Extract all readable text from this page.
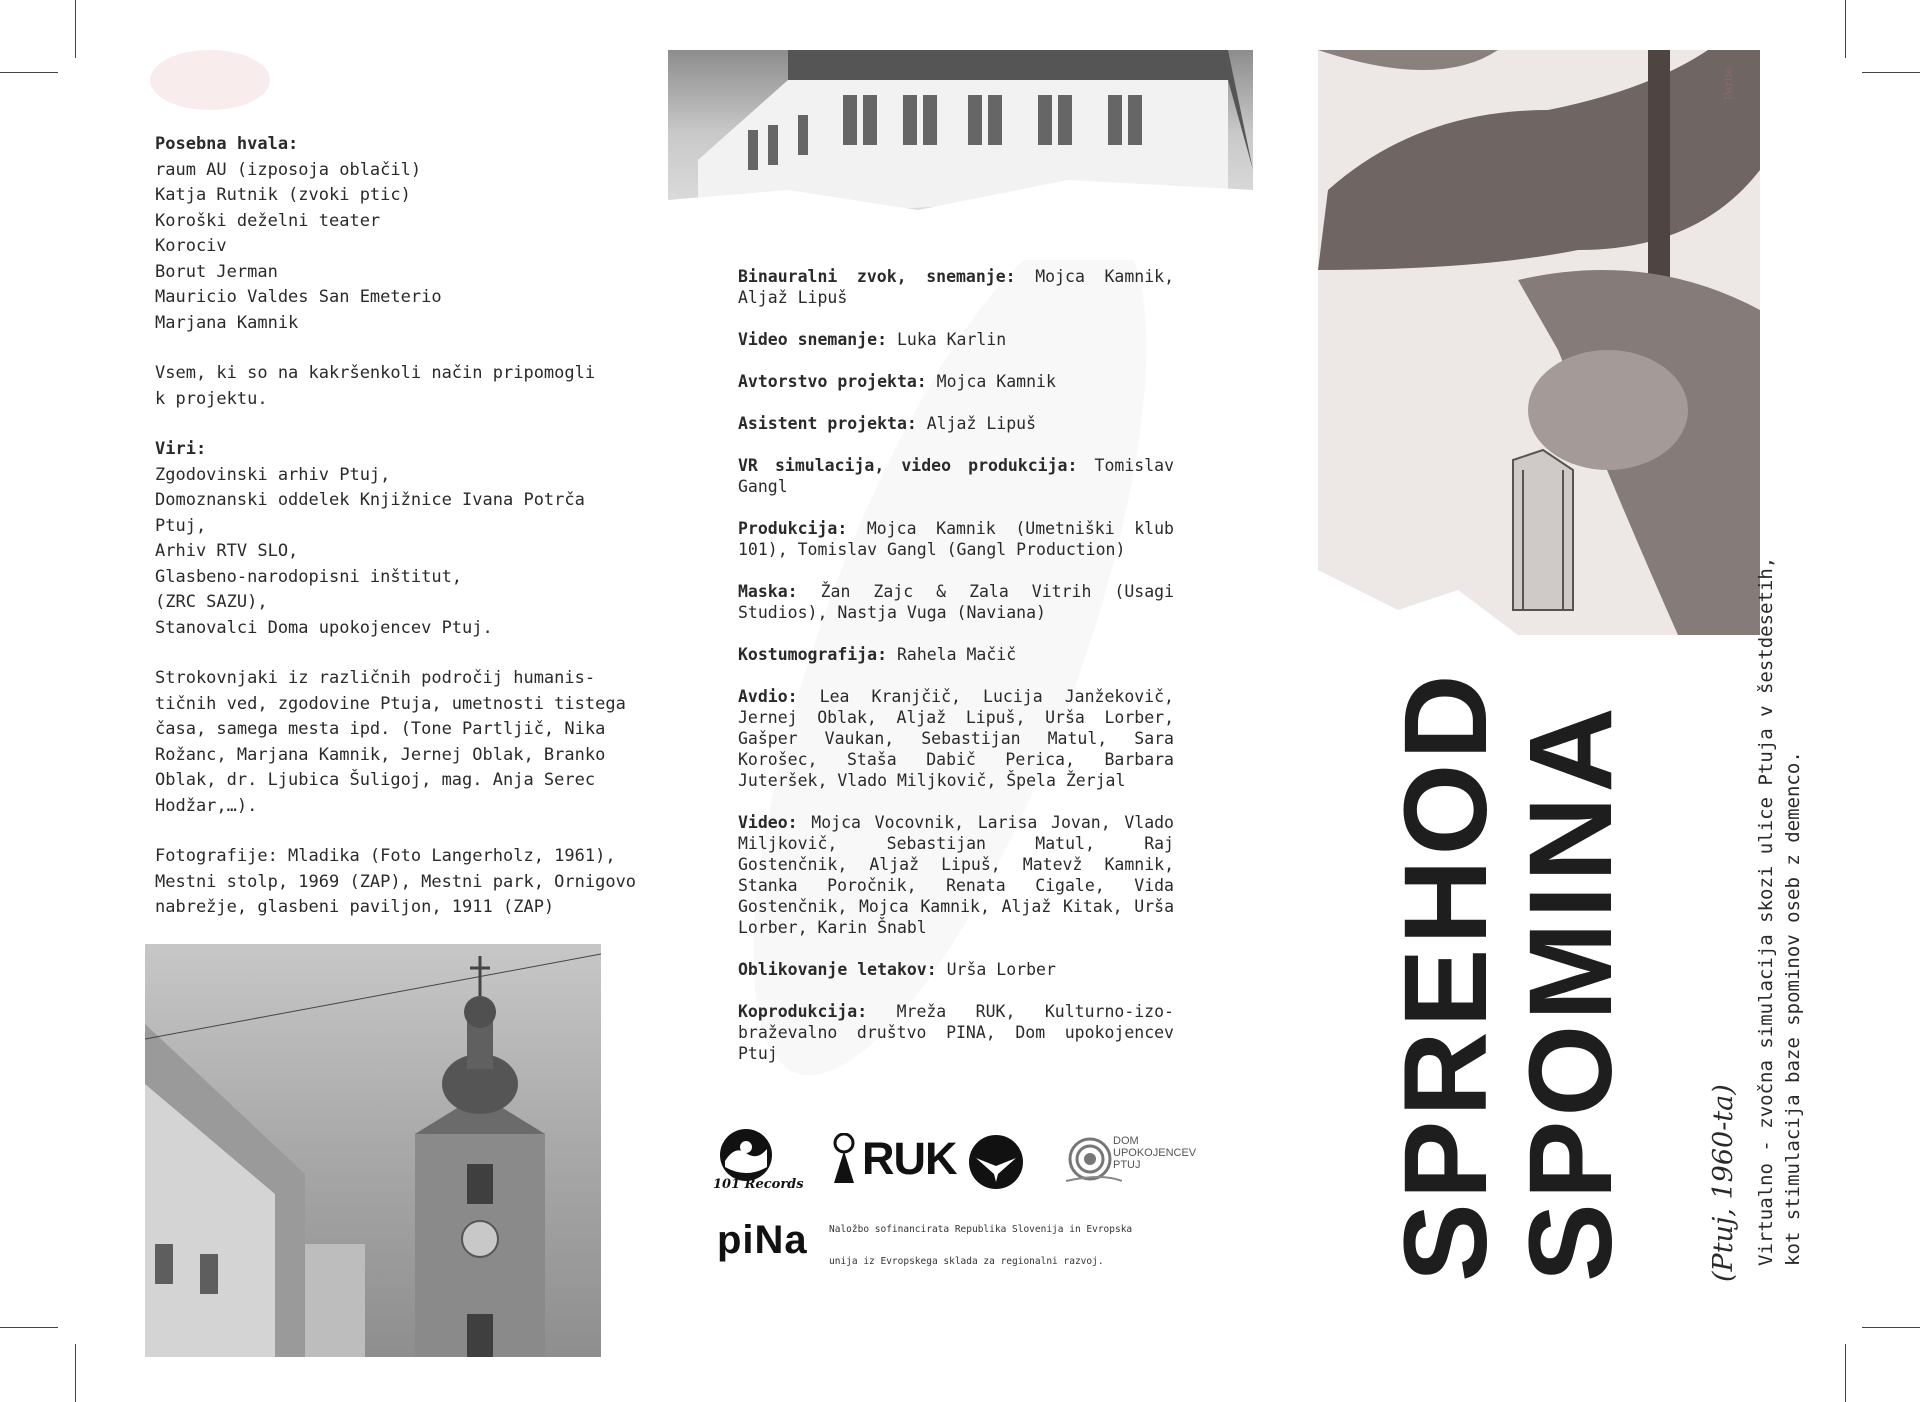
Posebna hvala:

raum AU (izposoja oblačil)

Katja Rutnik (zvoki ptic)

Koroški deželni teater

Korociv

Borut Jerman

Mauricio Valdes San Emeterio

Marjana Kamnik

Vsem, ki so na kakršenkoli način pripomogli

k projektu.

Viri:

Zgodovinski arhiv Ptuj,

Domoznanski oddelek Knjižnice Ivana Potrča

Ptuj,

Arhiv RTV SLO,

Glasbeno-narodopisni inštitut,

(ZRC SAZU),

Stanovalci Doma upokojencev Ptuj.

Strokovnjaki iz različnih področij humanis-

tičnih ved, zgodovine Ptuja, umetnosti tistega

časa, samega mesta ipd. (Tone Partljič, Nika

Rožanc, Marjana Kamnik, Jernej Oblak, Branko

Oblak, dr. Ljubica Šuligoj, mag. Anja Serec

Hodžar,…).

Fotografije: Mladika (Foto Langerholz, 1961),

Mestni stolp, 1969 (ZAP), Mestni park, Ornigovo

nabrežje, glasbeni paviljon, 1911 (ZAP)

Binauralni zvok, snemanje: Mojca Kamnik, Aljaž Lipuš

Video snemanje: Luka Karlin

Avtorstvo projekta: Mojca Kamnik

Asistent projekta: Aljaž Lipuš

VR simulacija, video produkcija: Tomislav Gangl

Produkcija: Mojca Kamnik (Umetniški klub 101), Tomislav Gangl (Gangl Production)

Maska: Žan Zajc & Zala Vitrih (Usagi Studios), Nastja Vuga (Naviana)

Kostumografija: Rahela Mačič

Avdio: Lea Kranjčič, Lucija Janžekovič, Jernej Oblak, Aljaž Lipuš, Urša Lorber, Gašper Vaukan, Sebastijan Matul, Sara Korošec, Staša Dabič Perica, Barbara Juteršek, Vlado Miljkovič, Špela Žerjal

Video: Mojca Vocovnik, Larisa Jovan, Vlado Miljkovič, Sebastijan Matul, Raj Gostenčnik, Aljaž Lipuš, Matevž Kamnik, Stanka Poročnik, Renata Cigale, Vida Gostenčnik, Mojca Kamnik, Aljaž Kitak, Urša Lorber, Karin Šnabl

Oblikovanje letakov: Urša Lorber

Koprodukcija: Mreža RUK, Kulturno-izo-braževalno društvo PINA, Dom upokojencev Ptuj

101 Records
RUK	DOM
UPOKOJENCEV
PTUJ
piNa Naložbo sofinancirata Republika Slovenija in Evropska
unija iz Evropskega sklada za regionalni razvoj.
Partie
SPREHOD
SPOMINA	(Ptuj, 1960-ta) Virtualno - zvočna simulacija skozi ulice Ptuja v šestdesetih, kot stimulacija baze spominov oseb z demenco.
